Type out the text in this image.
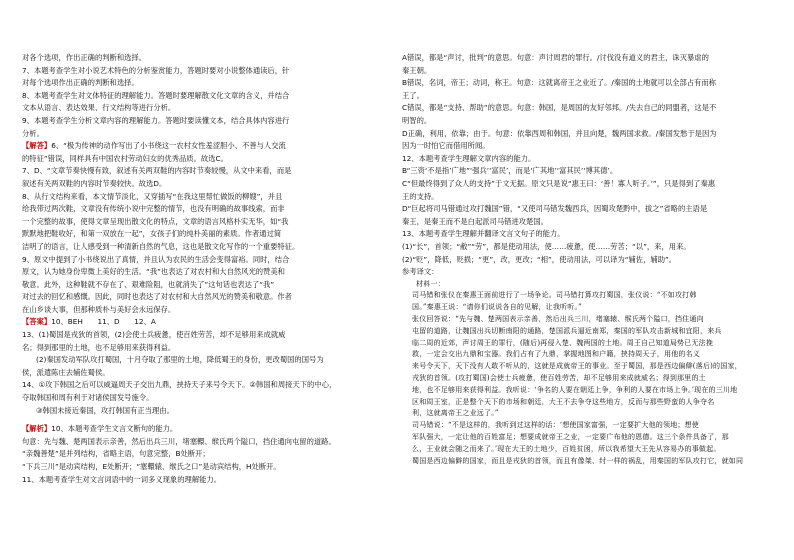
对各个选项，作出正确的判断和选择。
7、本题考查学生对小说艺术特色的分析鉴赏能力，答题时要对小说整体通读后，针
对每个选项作出正确的判断和选择。
8、本题考查学生对文体特征的理解能力。答题时要理解散文化文章的含义，并结合
文本从语言、表达效果、行文结构等进行分析。
9、本题考查学生分析文章内容的理解能力。答题时要读懂文本，结合具体内容进行
分析。
【解答】6、“极为传神的动作写出了小书绕这一农村女性羞涩胆小、不善与人交流
的特征”错误，同样具有中国农村劳动妇女的优秀品质。故选C。
7、D、“文章节奏快慢有致，叙述有关两双鞋的内容时节奏较慢，从文中来看，而是
叙述有关两双鞋的内容时节奏较快。故选D。
8、从行文结构来看，本文情节淡化，又穿插写“在我这里帮忙做饭的柳嫂”，并且
给我带过两次鞋，文章没有传统小说中完整的情节，也没有明确的故事线索，而非
一个完整的故事，使得文章呈现出散文化的特点，文章的语言风格朴实无华，如“我
默默地把鞋收好，和第一双放在一起”，女孩子们的纯朴美丽的素质。作者通过简
洁明了的语言，让人感受到一种清新自然的气息，这也是散文化写作的一个重要特征。
9、原文中提到了小书绕说出了真情，并且认为农民的生活会变得富裕。同时，结合
原文，认为她身份卑微上美好的生活。“我”也表达了对农村和大自然风光的赞美和
敬意。此外，这种鞋就不存在了、艰难险阻，也就消失了”这句话也表达了“我”
对过去的回忆和感慨。因此，同时也表达了对农村和大自然风光的赞美和敬意。作者
在山乡谈大事，但那种质朴与美好会永远保存。
【答案】10、BEH　　11、D　　12、A
13、(1)蜀国是戎狄的首领，(2)会使士兵疲惫，使百姓劳苦，却不足够用来成就威
名；得到那里的土地，也不足够用来获得利益。
(2)秦国发动军队攻打蜀国，十月夺取了那里的土地，降低蜀王的身份，更改蜀国的国号为
侯，派遣陈庄去辅佐蜀侯。
14、①攻下韩国之后可以威逼周天子交出九鼎，挟持天子来号令天下。②韩国和周接天下的中心，
夺取韩国和周有利于对诸侯国发号施令。
③韩国未接近秦国，攻打韩国有正当理由。
【解析】10、本题考查学生文言文断句的能力。
句意：先与魏、楚两国表示亲善，然后出兵三川，堵塞轘、缑氏两个隘口，挡住通向屯留的道路。
“亲魏善楚”是并列结构，省略主语，句意完整，B处断开；
“下兵三川”是动宾结构，E处断开；“塞轘辕、缑氏之口”是动宾结构，H处断开。
11、本题考查学生对文言词语中的一词多义现象的理解能力。
A错误，都是“声讨，批判”的意思。句意：声讨周君的罪行。/讨伐没有道义的君主，诛灭暴虐的
秦王朝。
B错误，名词，帝王；动词，称王。句意：这就离帝王之业近了。/秦国的土地就可以全部占有而称
王了。
C错误，都是“支持、帮助”的意思。句意：韩国，是周国的友好邻邦。/失去自己的同盟者，这是不
明智的。
D正确，利用，依靠；由于。句意：依靠西周和韩国，并且向楚，魏两国求救。/秦国发愁于是因为
因为一时怕它而借用所闻。
12、本题考查学生理解文章内容的能力。
B“三资‘不是指’广地”‘强兵’‘富民’，而是‘广其地’‘富其民’‘博其德’。
C“但最终得到了众人的支持”于文无据。原文只是说“惠王曰：‘善！寡人听子。’”，只是得到了秦惠
王的支持。
D“巨起将司马错通过攻打魏国”错，“又使司马错发魏西兵，因蜀攻楚黔中，拔之”省略的主语是
秦王，是秦王而不是白起派司马错进攻楚国。
13、本题考查学生理解并翻译文言文句子的能力。
(1)“长”，首领；“敝”“劳”，都是使动用法，使……疲惫，使……劳苦；“以”，来，用来。
(2)“贬”，降低，贬损；“更”，改，更改；“相”，使动用法，可以译为“辅佐，辅助”。
参考译文：
材料一：
司马错和张仪在秦惠王面前进行了一场争论。司马错打算攻打蜀国，张仪说：“不如攻打韩
国。”秦惠王说：“请你们说说各自的见解，让我听听。”
张仪回答说：“先与魏、楚两国表示亲善，然后出兵三川，堵塞辕、缑氏两个隘口，挡住通向
屯留的道路，让魏国出兵切断南阳的通路，楚国派兵逼近南郑，秦国的军队攻击新城和宜阳，来兵
临二周的近郊，声讨周王的罪行，(随后)再侵入楚、魏两国的土地。周王自己知道局势已无法挽
救，一定会交出九鼎和宝器。我们占有了九鼎，掌握地图和户籍，挟持周天子，用他的名义
来号令天下，天下没有人敢不听从的，这就是成就帝王的事业。至于蜀国，那是西边偏僻(落后)的国家，
戎狄的首领。(攻打蜀国)会使士兵疲惫，使百姓劳苦，却不足够用来成就威名；得到那里的土
地，也不足够用来获得利益。我听说：‘争名的人要在朝廷上争，争利的人要在市场上争。’现在的三川地
区和周王室，正是整个天下的市场和朝廷，大王不去争夺这些地方，反而与那些野蛮的人争夺名
利，这就离帝王之业远了。”
司马错说：“不是这样的，我听到过这样的话：‘想使国家富强，一定要扩大他的领地；想使
军队强大，一定让他的百姓富足；想要成就帝王之业，一定要广布他的恩德。这三个条件具备了，那
么，王业就会随之而来了。’现在大王的土地少，百姓贫困，所以我希望大王先从容易办的事做起。
蜀国是西边偏僻的国家，而且是戎狄的首领，而且有像桀、纣一样的祸乱，用秦国的军队攻打它，就如同
